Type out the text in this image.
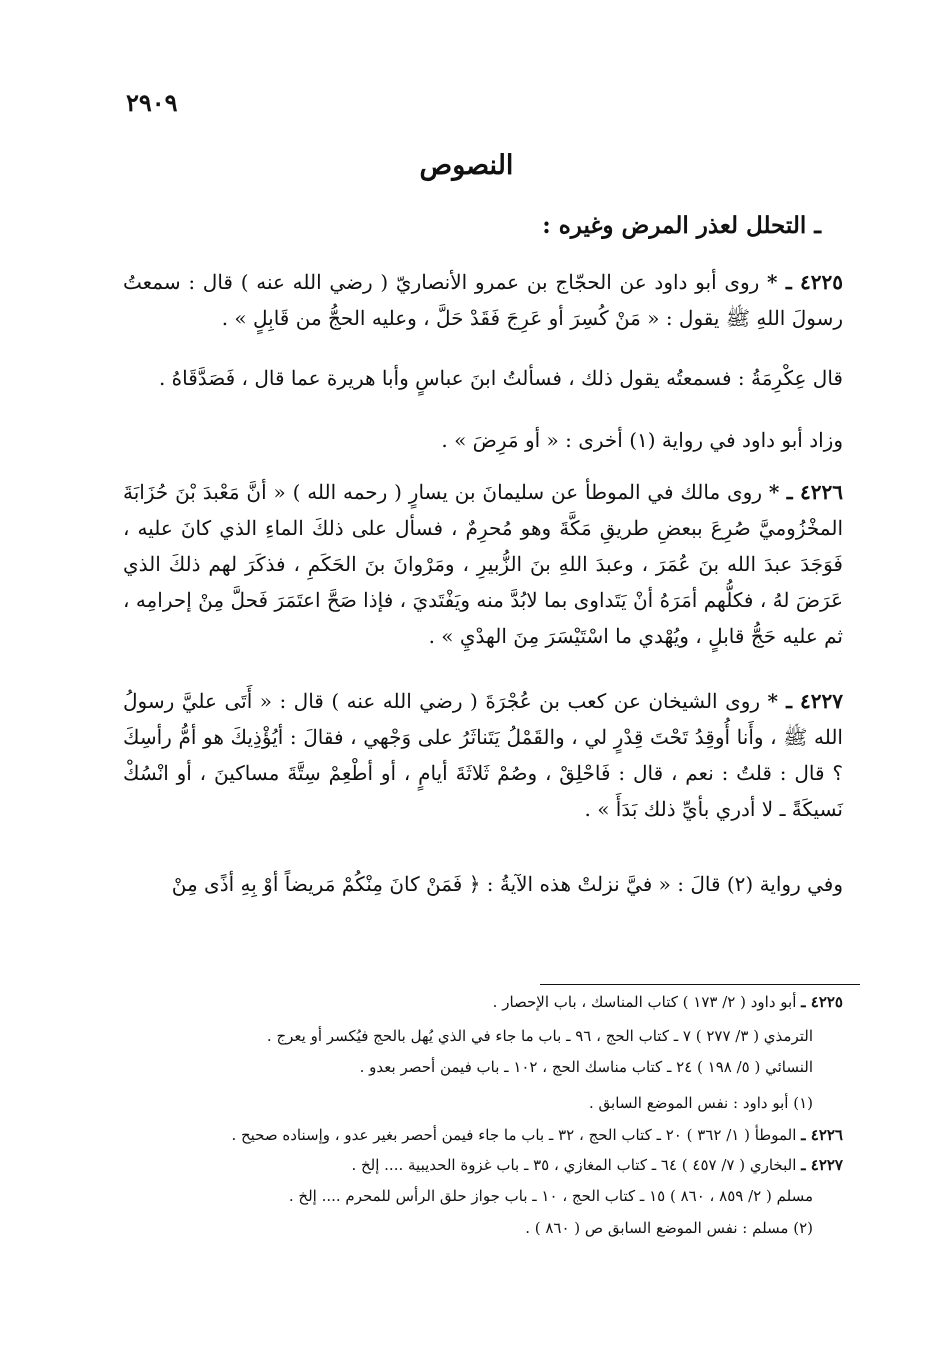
٢٩٠٩
النصوص
ـ التحلل لعذر المرض وغيره :
٤٢٢٥ ـ * روى أبو داود عن الحجّاج بن عمرو الأنصاريّ ( رضي الله عنه ) قال : سمعتُ رسولَ اللهِ ﷺ يقول : « مَنْ كُسِرَ أو عَرِجَ فَقَدْ حَلَّ ، وعليه الحجُّ من قَابِلٍ » .
قال عِكْرِمَةُ : فسمعتُه يقول ذلك ، فسألتُ ابنَ عباسٍ وأبا هريرة عما قال ، فَصَدَّقَاهُ .
وزاد أبو داود في رواية (١) أخرى : « أو مَرِضَ » .
٤٢٢٦ ـ * روى مالك في الموطأ عن سليمانَ بن يسارٍ ( رحمه الله ) « أنَّ مَعْبدَ بْنَ حُزَابَةَ المخْزُوميَّ صُرِعَ ببعضِ طريقِ مَكَّةَ وهو مُحرِمٌ ، فسأل على ذلكَ الماءِ الذي كانَ عليه ، فَوَجَدَ عبدَ الله بنَ عُمَرَ ، وعبدَ اللهِ بنَ الزُّبيرِ ، ومَرْوانَ بنَ الحَكَمِ ، فذكَرَ لهم ذلكَ الذي عَرَضَ لهُ ، فكلُّهم أمَرَهُ أنْ يَتَداوى بما لابُدَّ منه ويَفْتَديَ ، فإذا صَحَّ اعتَمَرَ فَحلَّ مِنْ إحرامِه ، ثم عليه حَجُّ قابلٍ ، ويُهْدي ما اسْتَيْسَرَ مِنَ الهدْيِ » .
٤٢٢٧ ـ * روى الشيخان عن كعب بن عُجْرَةَ ( رضي الله عنه ) قال : « أَتَى عليَّ رسولُ الله ﷺ ، وأَنا أُوقِدُ تَحْتَ قِدْرٍ لي ، والقَمْلُ يَتَناثَرُ على وَجْهي ، فقالَ : أيُؤْذِيكَ هو أمُّ رأسِكَ ؟ قال : قلتُ : نعم ، قال : فَاحْلِقْ ، وصُمْ ثَلاثَةَ أيامٍ ، أو أطْعِمْ سِتَّةَ مساكينَ ، أو انْسُكْ نَسيكَةً ـ لا أدري بأيِّ ذلك بَدَأَ » .
وفي رواية (٢) قالَ : « فيَّ نزلتْ هذه الآيةُ : ﴿ فَمَنْ كانَ مِنْكُمْ مَريضاً أوْ بِهِ أذًى مِنْ
٤٢٢٥ ـ أبو داود ( ٢/ ١٧٣ ) كتاب المناسك ، باب الإحصار .
الترمذي ( ٣/ ٢٧٧ ) ٧ ـ كتاب الحج ، ٩٦ ـ باب ما جاء في الذي يُهل بالحج فيُكسر أو يعرج .
النسائي ( ٥/ ١٩٨ ) ٢٤ ـ كتاب مناسك الحج ، ١٠٢ ـ باب فيمن أحصر بعدو .
(١) أبو داود : نفس الموضع السابق .
٤٢٢٦ ـ الموطأ ( ١/ ٣٦٢ ) ٢٠ ـ كتاب الحج ، ٣٢ ـ باب ما جاء فيمن أحصر بغير عدو ، وإسناده صحيح .
٤٢٢٧ ـ البخاري ( ٧/ ٤٥٧ ) ٦٤ ـ كتاب المغازي ، ٣٥ ـ باب غزوة الحديبية .... إلخ .
مسلم ( ٢/ ٨٥٩ ، ٨٦٠ ) ١٥ ـ كتاب الحج ، ١٠ ـ باب جواز حلق الرأس للمحرم .... إلخ .
(٢) مسلم : نفس الموضع السابق ص ( ٨٦٠ ) .
